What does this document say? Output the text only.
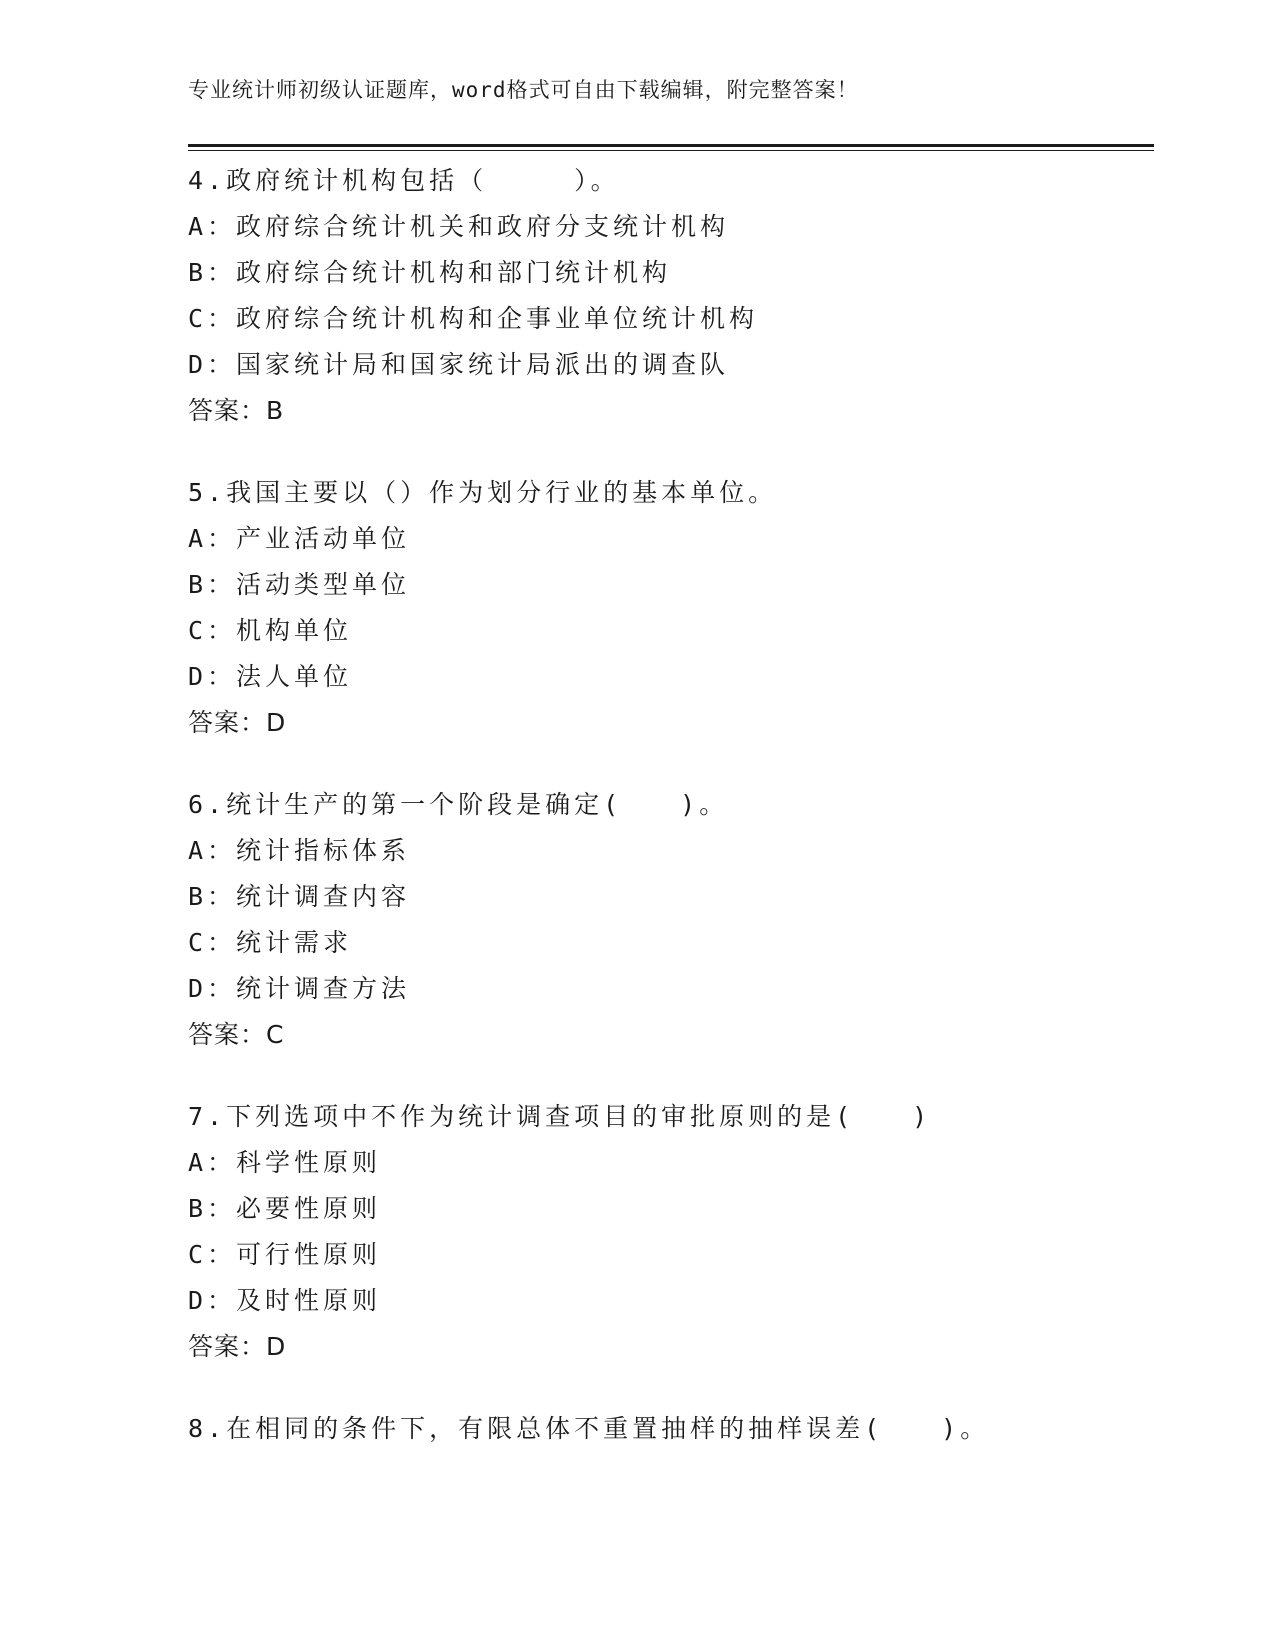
专业统计师初级认证题库，word格式可自由下载编辑，附完整答案！
4.政府统计机构包括（　　　）。
A：政府综合统计机关和政府分支统计机构
B：政府综合统计机构和部门统计机构
C：政府综合统计机构和企事业单位统计机构
D：国家统计局和国家统计局派出的调查队
答案：B
5.我国主要以（）作为划分行业的基本单位。
A：产业活动单位
B：活动类型单位
C：机构单位
D：法人单位
答案：D
6.统计生产的第一个阶段是确定(　　)。
A：统计指标体系
B：统计调查内容
C：统计需求
D：统计调查方法
答案：C
7.下列选项中不作为统计调查项目的审批原则的是(　　)
A：科学性原则
B：必要性原则
C：可行性原则
D：及时性原则
答案：D
8.在相同的条件下，有限总体不重置抽样的抽样误差(　　)。
